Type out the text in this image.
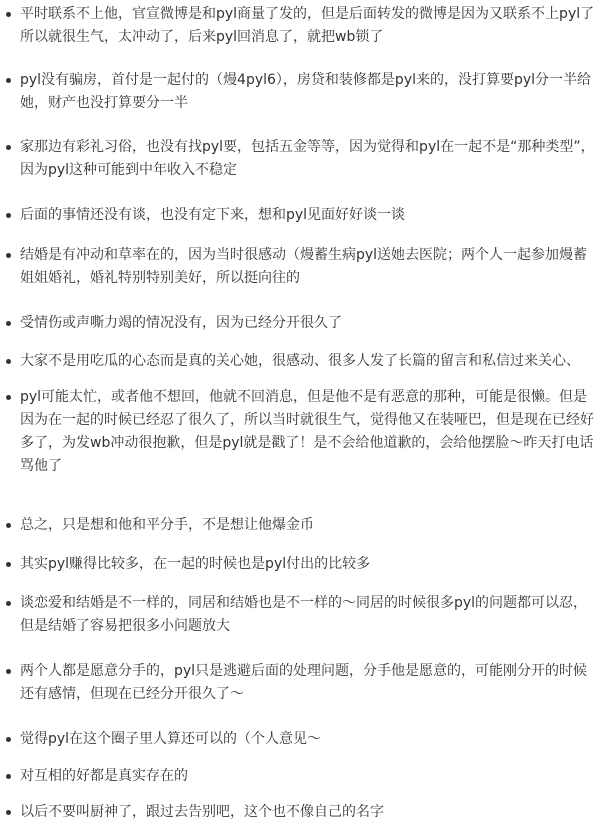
平时联系不上他，官宣微博是和pyl商量了发的，但是后面转发的微博是因为又联系不上pyl了
所以就很生气，太冲动了，后来pyl回消息了，就把wb锁了
pyl没有骗房，首付是一起付的（熳4pyl6），房贷和装修都是pyl来的，没打算要pyl分一半给
她，财产也没打算要分一半
家那边有彩礼习俗，也没有找pyl要，包括五金等等，因为觉得和pyl在一起不是“那种类型”，
因为pyl这种可能到中年收入不稳定
后面的事情还没有谈，也没有定下来，想和pyl见面好好谈一谈
结婚是有冲动和草率在的，因为当时很感动（熳蓄生病pyl送她去医院；两个人一起参加熳蓄
姐姐婚礼，婚礼特别特别美好，所以挺向往的
受情伤或声嘶力竭的情况没有，因为已经分开很久了
大家不是用吃瓜的心态而是真的关心她，很感动、很多人发了长篇的留言和私信过来关心、
pyl可能太忙，或者他不想回，他就不回消息，但是他不是有恶意的那种，可能是很懒。但是
因为在一起的时候已经忍了很久了，所以当时就很生气，觉得他又在装哑巴，但是现在已经好
多了，为发wb冲动很抱歉，但是pyl就是戳了！是不会给他道歉的，会给他摆脸～昨天打电话
骂他了
总之，只是想和他和平分手，不是想让他爆金币
其实pyl赚得比较多，在一起的时候也是pyl付出的比较多
谈恋爱和结婚是不一样的，同居和结婚也是不一样的～同居的时候很多pyl的问题都可以忍，
但是结婚了容易把很多小问题放大
两个人都是愿意分手的，pyl只是逃避后面的处理问题，分手他是愿意的，可能刚分开的时候
还有感情，但现在已经分开很久了～
觉得pyl在这个圈子里人算还可以的（个人意见～
对互相的好都是真实存在的
以后不要叫厨神了，跟过去告别吧，这个也不像自己的名字
